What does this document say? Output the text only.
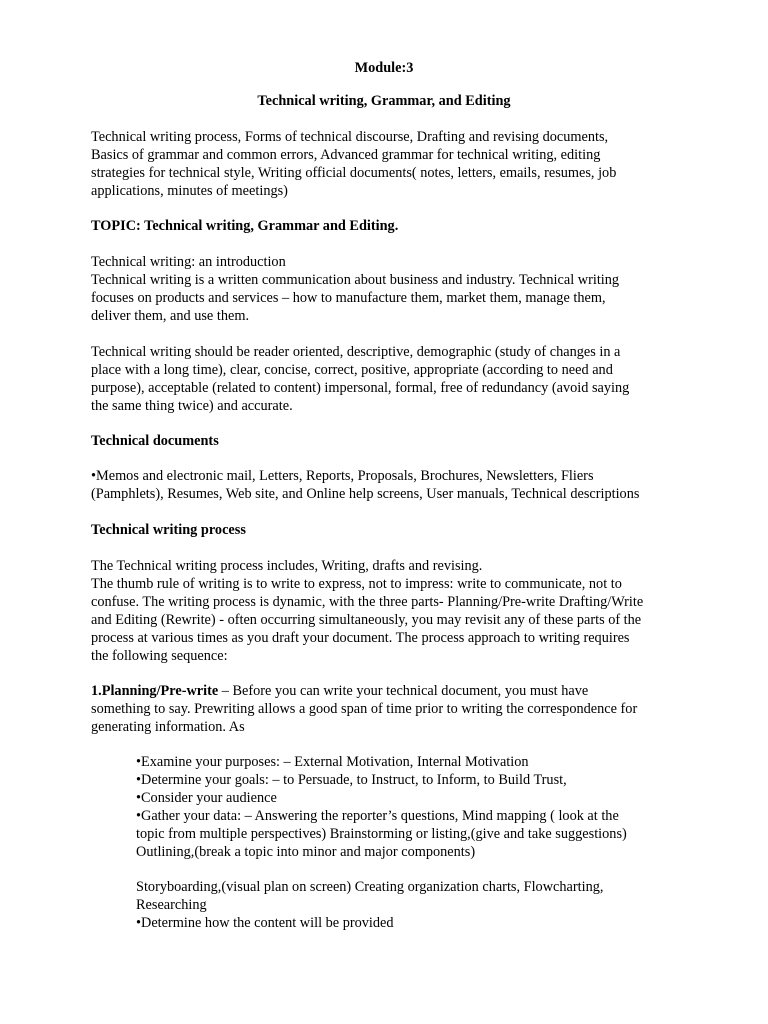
Module:3

Technical writing, Grammar, and Editing

Technical writing process, Forms of technical discourse, Drafting and revising documents,

Basics of grammar and common errors, Advanced grammar for technical writing, editing

strategies for technical style, Writing official documents( notes, letters, emails, resumes, job

applications, minutes of meetings)

TOPIC: Technical writing, Grammar and Editing.

Technical writing: an introduction

Technical writing is a written communication about business and industry. Technical writing

focuses on products and services – how to manufacture them, market them, manage them,

deliver them, and use them.

Technical writing should be reader oriented, descriptive, demographic (study of changes in a

place with a long time), clear, concise, correct, positive, appropriate (according to need and

purpose), acceptable (related to content) impersonal, formal, free of redundancy (avoid saying

the same thing twice) and accurate.

Technical documents

•Memos and electronic mail, Letters, Reports, Proposals, Brochures, Newsletters, Fliers

(Pamphlets), Resumes, Web site, and Online help screens, User manuals, Technical descriptions

Technical writing process

The Technical writing process includes, Writing, drafts and revising.

The thumb rule of writing is to write to express, not to impress: write to communicate, not to

confuse. The writing process is dynamic, with the three parts- Planning/Pre-write Drafting/Write

and Editing (Rewrite) - often occurring simultaneously, you may revisit any of these parts of the

process at various times as you draft your document. The process approach to writing requires

the following sequence:

1.Planning/Pre-write – Before you can write your technical document, you must have

something to say. Prewriting allows a good span of time prior to writing the correspondence for

generating information. As

•Examine your purposes: – External Motivation, Internal Motivation

•Determine your goals: – to Persuade, to Instruct, to Inform, to Build Trust,

•Consider your audience

•Gather your data: – Answering the reporter’s questions, Mind mapping ( look at the

topic from multiple perspectives) Brainstorming or listing,(give and take suggestions)

Outlining,(break a topic into minor and major components)

Storyboarding,(visual plan on screen) Creating organization charts, Flowcharting,

Researching

•Determine how the content will be provided
